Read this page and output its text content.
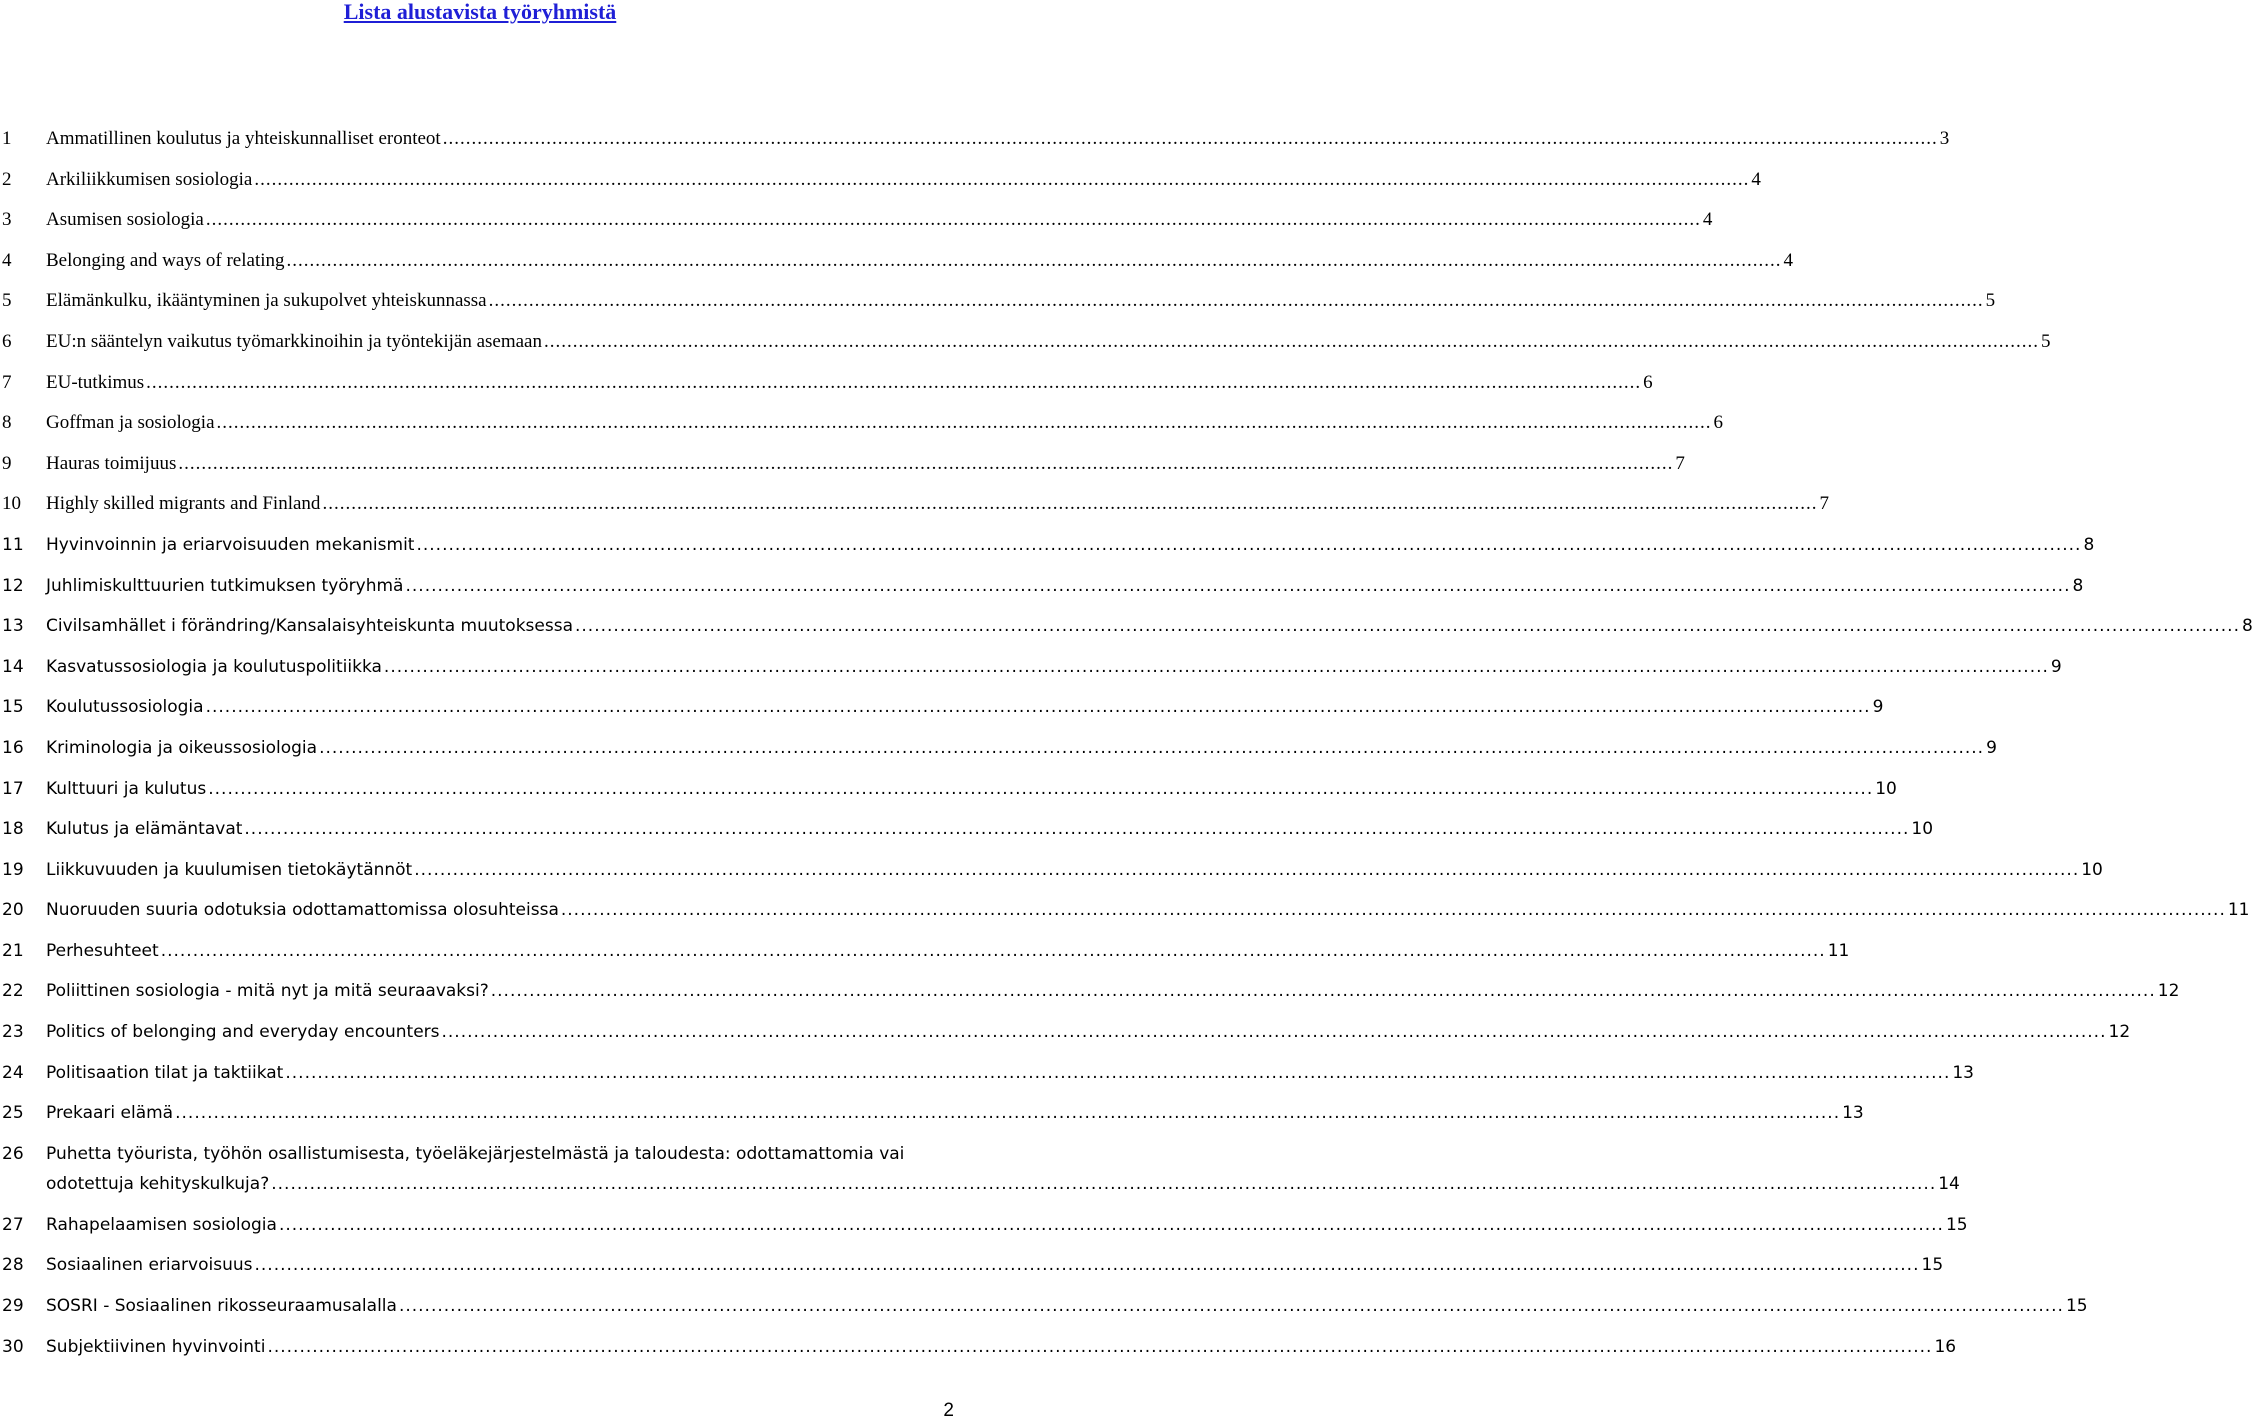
Lista alustavista työryhmistä
1	Ammatillinen koulutus ja yhteiskunnalliset eronteot .....	3
2	Arkiliikkumisen sosiologia .....	4
3	Asumisen sosiologia .....	4
4	Belonging and ways of relating .....	4
5	Elämänkulku, ikääntyminen ja sukupolvet yhteiskunnassa .....	5
6	EU:n sääntelyn vaikutus työmarkkinoihin ja työntekijän asemaan .....	5
7	EU-tutkimus .....	6
8	Goffman ja sosiologia .....	6
9	Hauras toimijuus .....	7
10	Highly skilled migrants and Finland .....	7
11	Hyvinvoinnin ja eriarvoisuuden mekanismit .....	8
12	Juhlimiskulttuurien tutkimuksen työryhmä .....	8
13	Civilsamhället i förändring/Kansalaisyhteiskunta muutoksessa .....	8
14	Kasvatussosiologia ja koulutuspolitiikka .....	9
15	Koulutussosiologia .....	9
16	Kriminologia ja oikeussosiologia .....	9
17	Kulttuuri ja kulutus .....	10
18	Kulutus ja elämäntavat .....	10
19	Liikkuvuuden ja kuulumisen tietokäytännöt .....	10
20	Nuoruuden suuria odotuksia odottamattomissa olosuhteissa .....	11
21	Perhesuhteet .....	11
22	Poliittinen sosiologia - mitä nyt ja mitä seuraavaksi? .....	12
23	Politics of belonging and everyday encounters .....	12
24	Politisaation tilat ja taktiikat .....	13
25	Prekaari elämä .....	13
26	Puhetta työurista, työhön osallistumisesta, työeläkejärjestelmästä ja taloudesta: odottamattomia vai
odotettuja kehityskulkuja? .....	14
27	Rahapelaamisen sosiologia .....	15
28	Sosiaalinen eriarvoisuus .....	15
29	SOSRI - Sosiaalinen rikosseuraamusalalla .....	15
30	Subjektiivinen hyvinvointi .....	16
2
